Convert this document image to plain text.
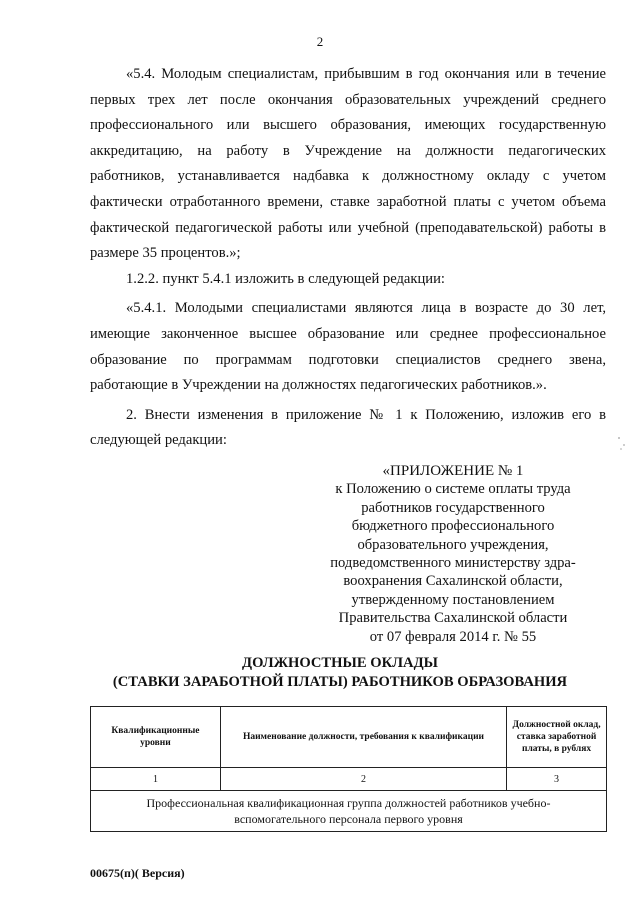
2

«5.4. Молодым специалистам, прибывшим в год окончания или в течение первых трех лет после окончания образовательных учреждений среднего профессионального или высшего образования, имеющих государственную аккредитацию, на работу в Учреждение на должности педагогических работников, устанавливается надбавка к должностному окладу с учетом фактически отработанного времени, ставке заработной платы с учетом объема фактической педагогической работы или учебной (преподавательской) работы в размере 35 процентов.»;

1.2.2. пункт 5.4.1 изложить в следующей редакции:

«5.4.1. Молодыми специалистами являются лица в возрасте до 30 лет, имеющие законченное высшее образование или среднее профессиональное образование по программам подготовки специалистов среднего звена, работающие в Учреждении на должностях педагогических работников.».

2. Внести изменения в приложение № 1 к Положению, изложив его в следующей редакции:

«ПРИЛОЖЕНИЕ № 1
к Положению о системе оплаты труда
работников государственного
бюджетного профессионального
образовательного учреждения,
подведомственного министерству здра-
воохранения Сахалинской области,
утвержденному постановлением
Правительства Сахалинской области
от 07 февраля 2014 г. № 55
ДОЛЖНОСТНЫЕ ОКЛАДЫ
(СТАВКИ ЗАРАБОТНОЙ ПЛАТЫ) РАБОТНИКОВ ОБРАЗОВАНИЯ
Квалификационные уровни	Наименование должности, требования к квалификации	Должностной оклад, ставка заработной платы, в рублях
1	2	3
Профессиональная квалификационная группа должностей работников учебно-вспомогательного персонала первого уровня		
00675(п)( Версия)
